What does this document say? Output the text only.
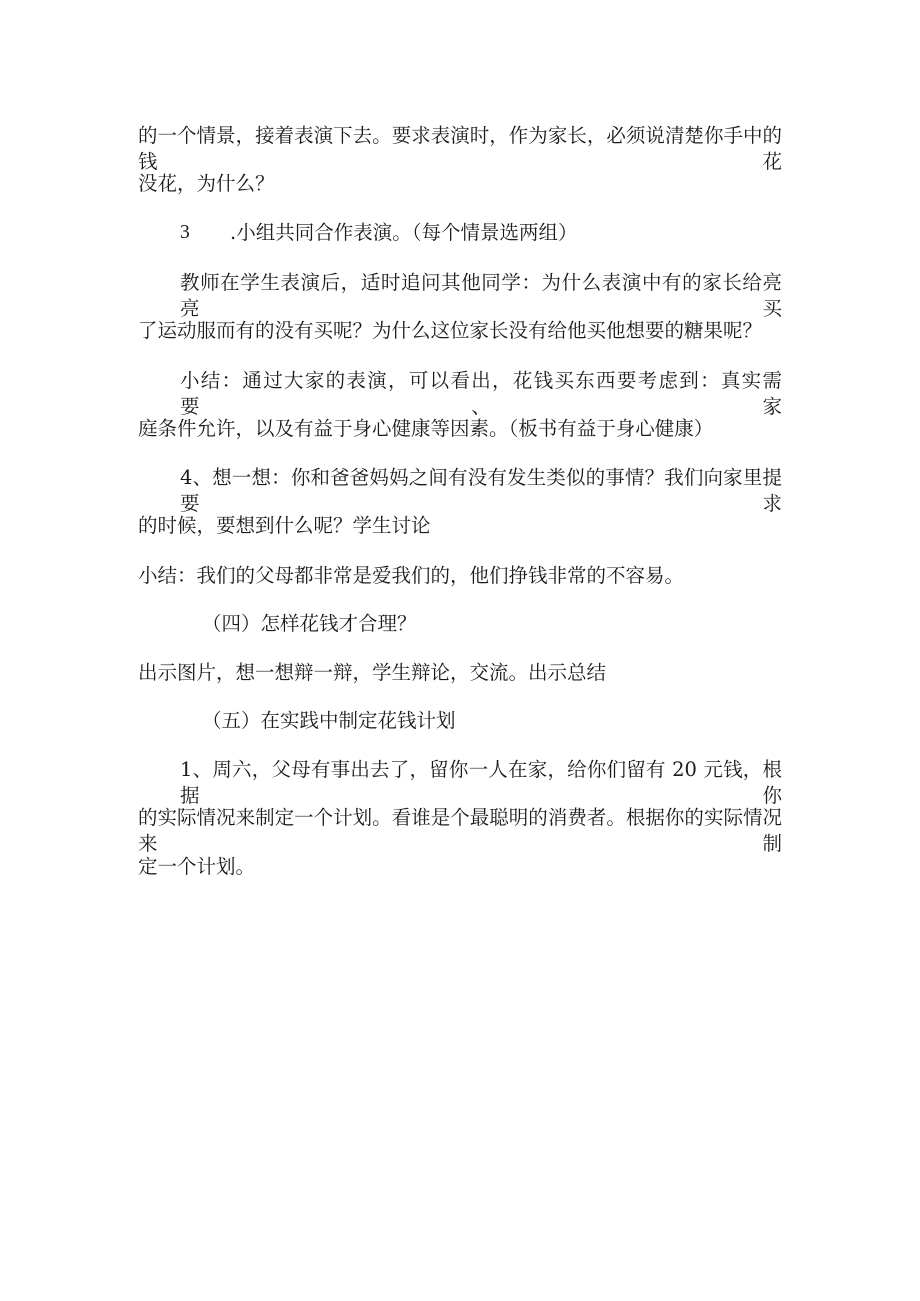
的一个情景，接着表演下去。要求表演时，作为家长，必须说清楚你手中的钱花
没花，为什么？
3 .小组共同合作表演。（每个情景选两组）
教师在学生表演后，适时追问其他同学：为什么表演中有的家长给亮亮买
了运动服而有的没有买呢？为什么这位家长没有给他买他想要的糖果呢？
小结：通过大家的表演，可以看出，花钱买东西要考虑到：真实需要、家
庭条件允许，以及有益于身心健康等因素。（板书有益于身心健康）
4、想一想：你和爸爸妈妈之间有没有发生类似的事情？我们向家里提要求
的时候，要想到什么呢？学生讨论
小结：我们的父母都非常是爱我们的，他们挣钱非常的不容易。
（四）怎样花钱才合理？
出示图片，想一想辩一辩，学生辩论，交流。出示总结
（五）在实践中制定花钱计划
1、周六，父母有事出去了，留你一人在家，给你们留有 20 元钱，根据你
的实际情况来制定一个计划。看谁是个最聪明的消费者。根据你的实际情况来制
定一个计划。
